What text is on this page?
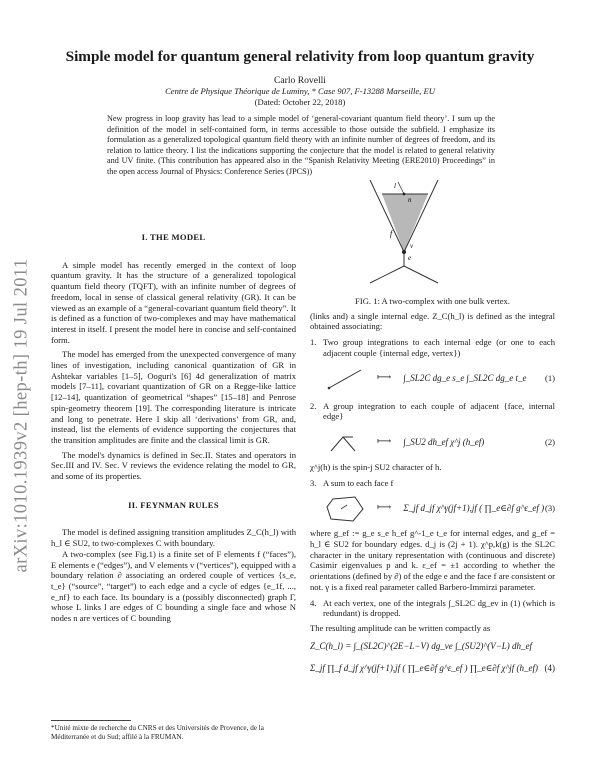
arXiv:1010.1939v2 [hep-th] 19 Jul 2011
Simple model for quantum general relativity from loop quantum gravity
Carlo Rovelli
Centre de Physique Théorique de Luminy, * Case 907, F-13288 Marseille, EU
(Dated: October 22, 2018)

New progress in loop gravity has lead to a simple model of ‘general-covariant quantum field theory’. I sum up the definition of the model in self-contained form, in terms accessible to those outside the subfield. I emphasize its formulation as a generalized topological quantum field theory with an infinite number of degrees of freedom, and its relation to lattice theory. I list the indications supporting the conjecture that the model is related to general relativity and UV finite. (This contribution has appeared also in the “Spanish Relativity Meeting (ERE2010) Proceedings” in the open access Journal of Physics: Conference Series (JPCS))

I. THE MODEL

A simple model has recently emerged in the context of loop quantum gravity. It has the structure of a generalized topological quantum field theory (TQFT), with an infinite number of degrees of freedom, local in sense of classical general relativity (GR). It can be viewed as an example of a “general-covariant quantum field theory”. It is defined as a function of two-complexes and may have mathematical interest in itself. I present the model here in concise and self-contained form.

The model has emerged from the unexpected convergence of many lines of investigation, including canonical quantization of GR in Ashtekar variables [1–5], Ooguri's [6] 4d generalization of matrix models [7–11], covariant quantization of GR on a Regge-like lattice [12–14], quantization of geometrical “shapes” [15–18] and Penrose spin-geometry theorem [19]. The corresponding literature is intricate and long to penetrate. Here I skip all ‘derivations’ from GR, and, instead, list the elements of evidence supporting the conjectures that the transition amplitudes are finite and the classical limit is GR.

The model's dynamics is defined in Sec.II. States and operators in Sec.III and IV. Sec. V reviews the evidence relating the model to GR, and some of its properties.

II. FEYNMAN RULES

The model is defined assigning transition amplitudes Z_C(h_l) with h_l ∈ SU2, to two-complexes C with boundary.

A two-complex (see Fig.1) is a finite set of F elements f (“faces”), E elements e (“edges”), and V elements v (“vertices”), equipped with a boundary relation ∂ associating an ordered couple of vertices {s_e, t_e} (“source”, “target”) to each edge and a cycle of edges {e_1f, ..., e_nf} to each face. Its boundary is a (possibly disconnected) graph Γ, whose L links l are edges of C bounding a single face and whose N nodes n are vertices of C bounding

*Unité mixte de recherche du CNRS et des Universités de Provence, de la Méditerranée et du Sud; affilé à la FRUMAN.

l
n
e
f
v
FIG. 1: A two-complex with one bulk vertex.

(links and) a single internal edge. Z_C(h_l) is defined as the integral obtained associating:

1. Two group integrations to each internal edge (or one to each adjacent couple {internal edge, vertex})

⟼ ∫_SL2C dg_e s_e ∫_SL2C dg_e t_e (1)
2. A group integration to each couple of adjacent {face, internal edge}

⟼ ∫_SU2 dh_ef χ^j (h_ef)	(2)

χ^j(h) is the spin-j SU2 character of h.

3. A sum to each face f

⟼ Σ_jf d_jf χ^γ(jf+1),jf ( ∏_e∈∂f g^ε_ef ) (3)

where g_ef := g_e s_e h_ef g^-1_e t_e for internal edges, and g_ef = h_l ∈ SU2 for boundary edges. d_j is (2j + 1). χ^p,k(g) is the SL2C character in the unitary representation with (continuous and discrete) Casimir eigenvalues p and k. ε_ef = ±1 according to whether the orientations (defined by ∂) of the edge e and the face f are consistent or not. γ is a fixed real parameter called Barbero-Immirzi parameter.

4. At each vertex, one of the integrals ∫_SL2C dg_ev in (1) (which is redundant) is dropped.

The resulting amplitude can be written compactly as

Z_C(h_l) = ∫_(SL2C)^(2E−L−V) dg_ve ∫_(SU2)^(V−L) dh_ef
Σ_jf ∏_f d_jf χ^γ(jf+1),jf ( ∏_e∈∂f g^ε_ef ) ∏_e∈∂f χ^jf (h_ef) (4)
